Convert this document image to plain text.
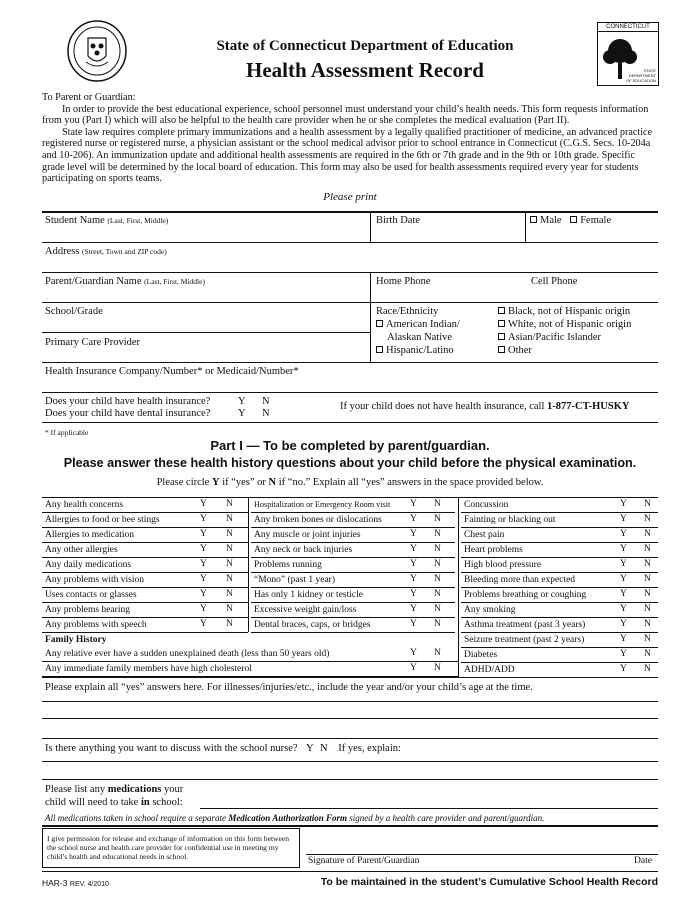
CONNECTICUT
STATE DEPARTMENT OF EDUCATION
State of Connecticut Department of Education
Health Assessment Record

To Parent or Guardian:

In order to provide the best educational experience, school personnel must understand your child’s health needs. This form requests information from you (Part I) which will also be helpful to the health care provider when he or she completes the medical evaluation (Part II).

State law requires complete primary immunizations and a health assessment by a legally qualified practitioner of medicine, an advanced practice registered nurse or registered nurse, a physician assistant or the school medical advisor prior to school entrance in Connecticut (C.G.S. Secs. 10-204a and 10-206). An immunization update and additional health assessments are required in the 6th or 7th grade and in the 9th or 10th grade. Specific grade level will be determined by the local board of education. This form may also be used for health assessments required every year for students participating on sports teams.

Please print
Student Name (Last, First, Middle)	Birth Date	Male Female
Address (Street, Town and ZIP code)
Parent/Guardian Name (Last, First, Middle)	Home Phone	Cell Phone
School/Grade
Primary Care Provider
Race/Ethnicity
American Indian/
Alaskan Native
Hispanic/Latino
Black, not of Hispanic origin
White, not of Hispanic origin
Asian/Pacific Islander
Other
Health Insurance Company/Number* or Medicaid/Number*
Does your child have health insurance?	Y N
Does your child have dental insurance?	Y N
If your child does not have health insurance, call 1-877-CT-HUSKY
* If applicable
Part I — To be completed by parent/guardian.
Please answer these health history questions about your child before the physical examination.
Please circle Y if “yes” or N if “no.” Explain all “yes” answers in the space provided below.
Any health concerns	Y N
Allergies to food or bee stings	Y N
Allergies to medication	Y N
Any other allergies	Y N
Any daily medications	Y N
Any problems with vision	Y N
Uses contacts or glasses	Y N
Any problems hearing	Y N
Any problems with speech	Y N
Hospitalization or Emergency Room visit Y N
Any broken bones or dislocations	Y N
Any muscle or joint injuries	Y N
Any neck or back injuries	Y N
Problems running	Y N
“Mono” (past 1 year)	Y N
Has only 1 kidney or testicle	Y N
Excessive weight gain/loss	Y N
Dental braces, caps, or bridges	Y N
Concussion	Y N
Fainting or blacking out	Y N
Chest pain	Y N
Heart problems	Y N
High blood pressure	Y N
Bleeding more than expected	Y N
Problems breathing or coughing	Y N
Any smoking	Y N
Asthma treatment (past 3 years)	Y N
Seizure treatment (past 2 years)	Y N
Diabetes	Y N
ADHD/ADD	Y N
Any relative ever have a sudden unexplained death (less than 50 years old)	Y N
Any immediate family members have high cholesterol	Y N
Family History
Please explain all “yes” answers here. For illnesses/injuries/etc., include the year and/or your child’s age at the time.
Is there anything you want to discuss with the school nurse? Y N If yes, explain:
Please list any medications your
child will need to take in school:
All medications taken in school require a separate Medication Authorization Form signed by a health care provider and parent/guardian.
I give permission for release and exchange of information on this form between the school nurse and health care provider for confidential use in meeting my child’s health and educational needs in school.	Signature of Parent/Guardian	Date
HAR-3 REV. 4/2010	To be maintained in the student’s Cumulative School Health Record
